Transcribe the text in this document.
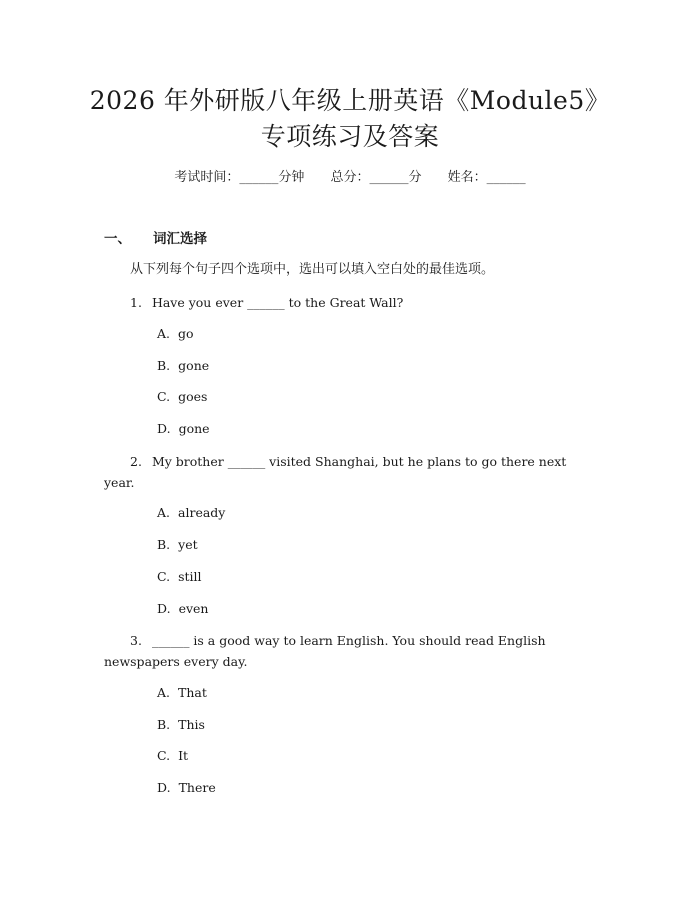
2026 年外研版八年级上册英语《Module5》
专项练习及答案
考试时间：______分钟 总分：______分 姓名：______
一、 词汇选择
从下列每个句子四个选项中，选出可以填入空白处的最佳选项。
1. Have you ever ______ to the Great Wall?
A. go
B. gone
C. goes
D. gone
2. My brother ______ visited Shanghai, but he plans to go there next year.
A. already
B. yet
C. still
D. even
3. ______ is a good way to learn English. You should read English newspapers every day.
A. That
B. This
C. It
D. There
